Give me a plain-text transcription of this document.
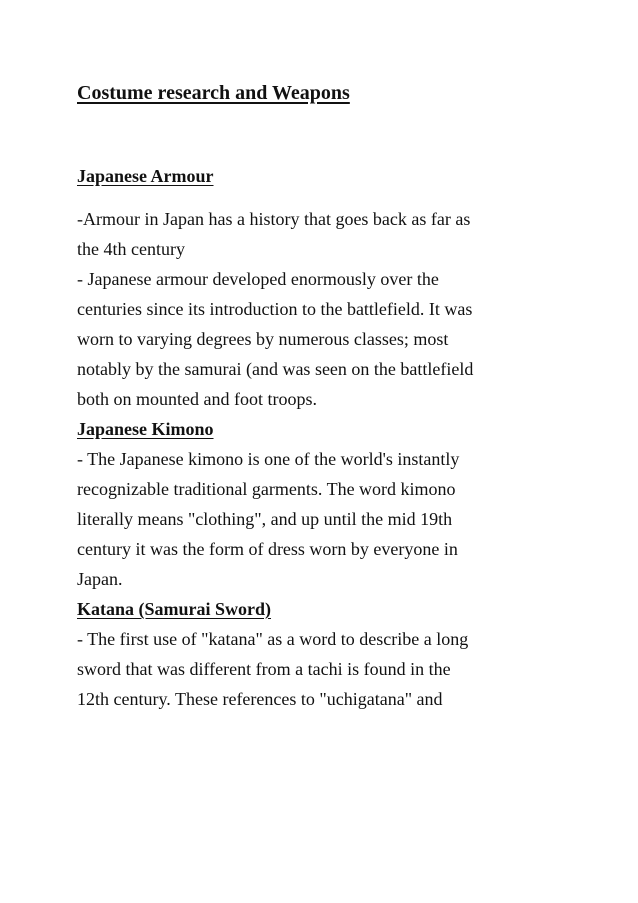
Costume research and Weapons
Japanese Armour

-Armour in Japan has a history that goes back as far as

the 4th century

- Japanese armour developed enormously over the

centuries since its introduction to the battlefield. It was

worn to varying degrees by numerous classes; most

notably by the samurai (and was seen on the battlefield

both on mounted and foot troops.

Japanese Kimono

- The Japanese kimono is one of the world's instantly

recognizable traditional garments. The word kimono

literally means "clothing", and up until the mid 19th

century it was the form of dress worn by everyone in

Japan.

Katana (Samurai Sword)

- The first use of "katana" as a word to describe a long

sword that was different from a tachi is found in the

12th century. These references to "uchigatana" and
